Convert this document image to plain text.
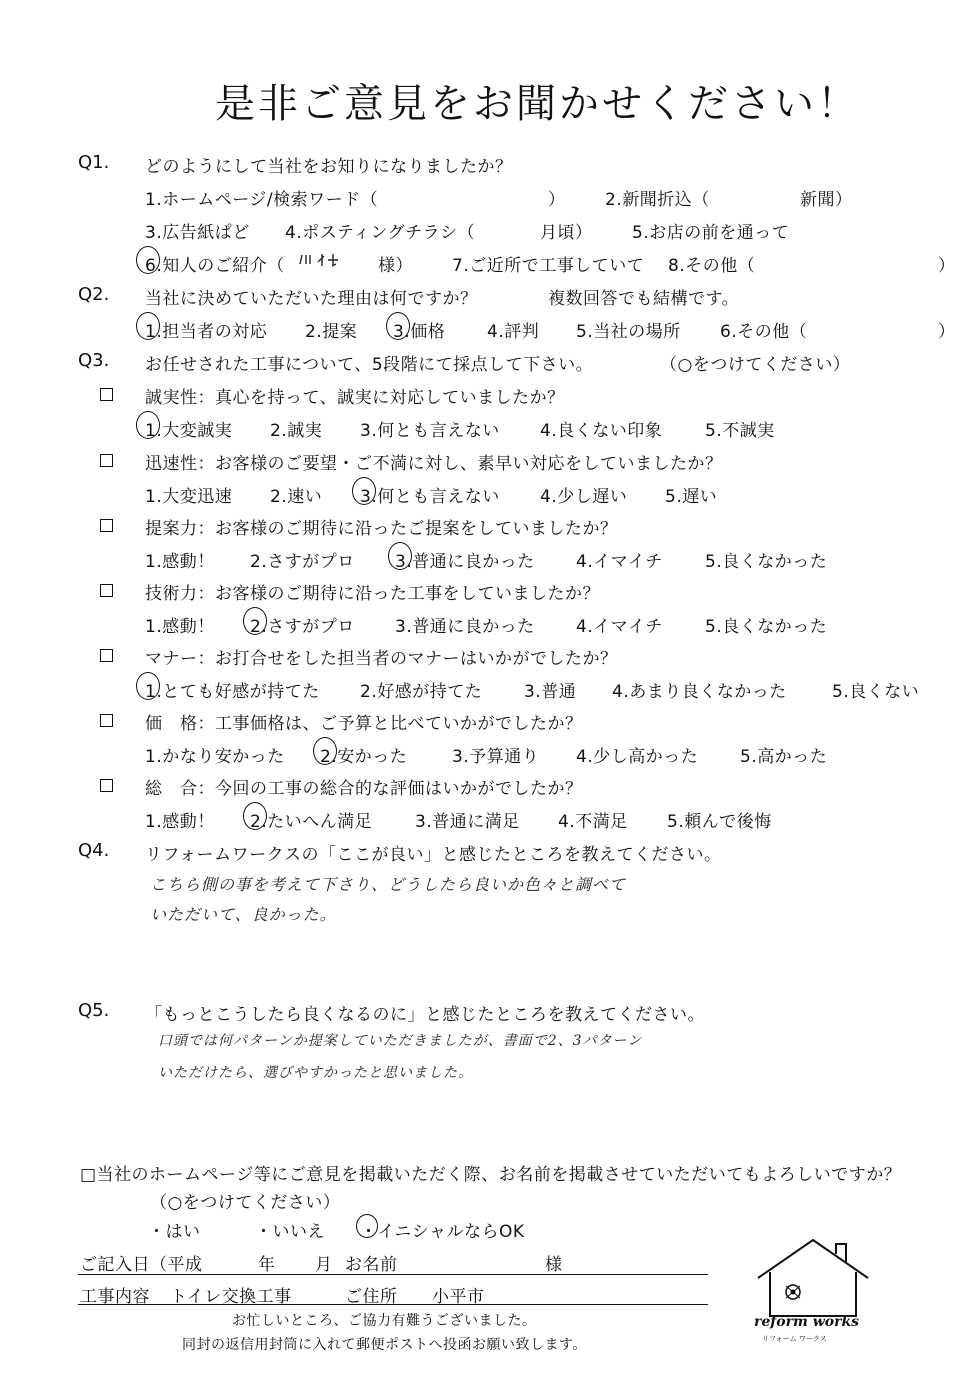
是非ご意見をお聞かせください！
Q1. どのようにして当社をお知りになりましたか？
1.ホームページ/検索ワード（	） 2.新聞折込（	新聞）
3.広告紙ぱど 4.ポスティングチラシ（	月頃） 5.お店の前を通って
6.知人のご紹介（	様） 7.ご近所で工事していて 8.その他（	）
Q2. 当社に決めていただいた理由は何ですか？	複数回答でも結構です。
1.担当者の対応 2.提案 3.価格 4.評判 5.当社の場所 6.その他（	）
Q3. お任せされた工事について、5段階にて採点して下さい。	（○をつけてください）
誠実性：真心を持って、誠実に対応していましたか？
1.大変誠実 2.誠実 3.何とも言えない 4.良くない印象	5.不誠実
迅速性：お客様のご要望・ご不満に対し、素早い対応をしていましたか？
1.大変迅速 2.速い 3.何とも言えない 4.少し遅い 5.遅い
提案力：お客様のご期待に沿ったご提案をしていましたか？
1.感動！ 2.さすがプロ 3.普通に良かった 4.イマイチ 5.良くなかった
技術力：お客様のご期待に沿った工事をしていましたか？
1.感動！ 2.さすがプロ 3.普通に良かった 4.イマイチ 5.良くなかった
マナー：お打合せをした担当者のマナーはいかがでしたか？
1.とても好感が持てた 2.好感が持てた 3.普通 4.あまり良くなかった	5.良くない
価　格：工事価格は、ご予算と比べていかがでしたか？
1.かなり安かった 2.安かった	3.予算通り 4.少し高かった 5.高かった
総　合：今回の工事の総合的な評価はいかがでしたか？
1.感動！ 2.たいへん満足	3.普通に満足 4.不満足 5.頼んで後悔
Q4. リフォームワークスの「ここが良い」と感じたところを教えてください。
こちら側の事を考えて下さり、どうしたら良いか色々と調べて
いただいて、良かった。
Q5. 「もっとこうしたら良くなるのに」と感じたところを教えてください。
口頭では何パターンか提案していただきましたが、書面で2、3パターン
いただけたら、選びやすかったと思いました。
□当社のホームページ等にご意見を掲載いただく際、お名前を掲載させていただいてもよろしいですか？
（○をつけてください）
・はい	・いいえ ・イニシャルならOK
ご記入日（平成	年 月 お名前	様
工事内容 トイレ交換工事	ご住所 小平市
お忙しいところ、ご協力有難うございました。
同封の返信用封筒に入れて郵便ポストへ投函お願い致します。
reform works
リフォーム ワークス
